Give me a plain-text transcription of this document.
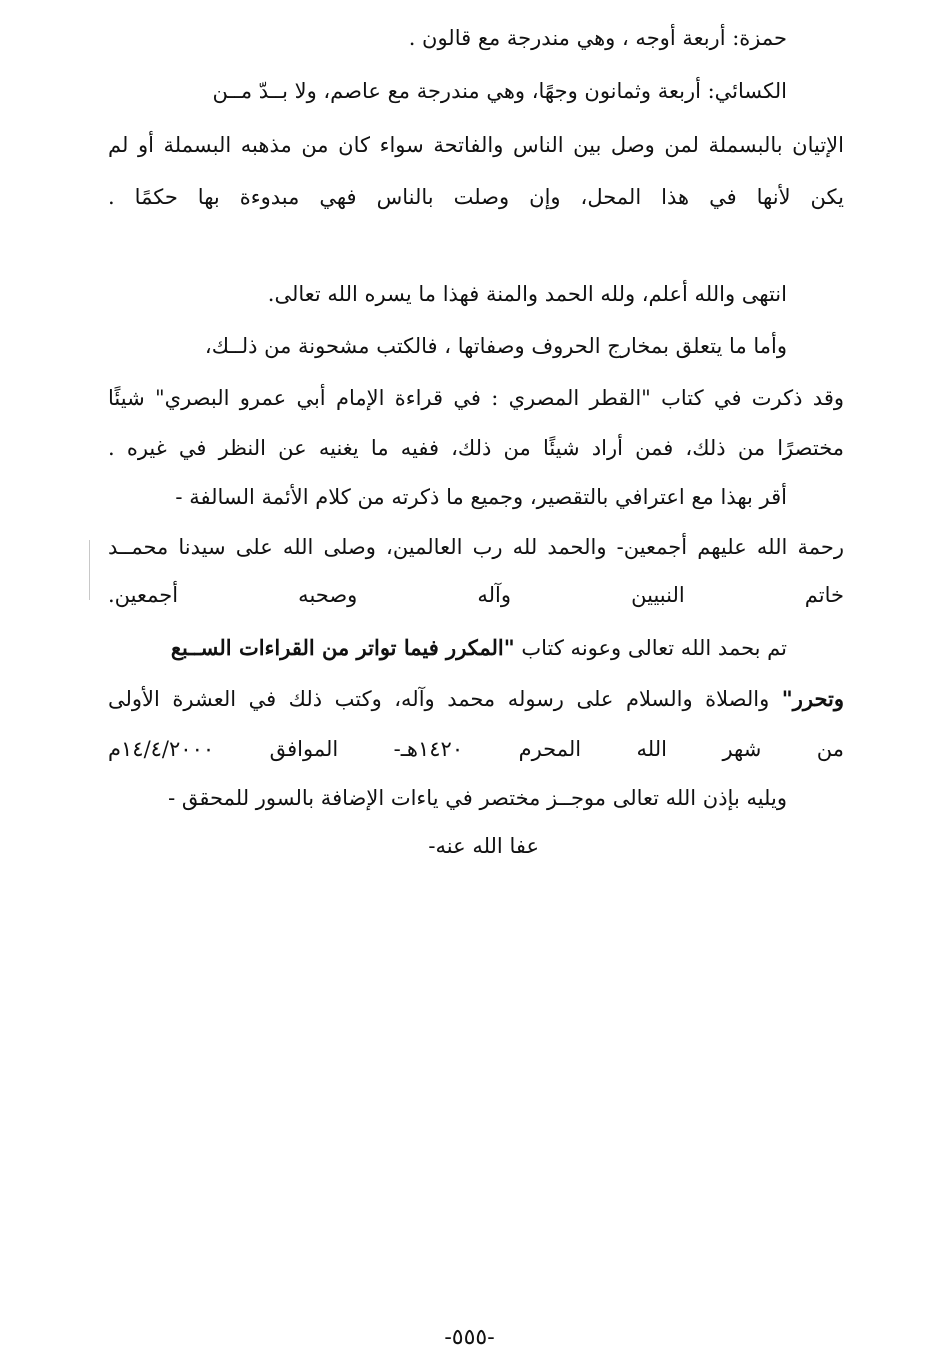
حمزة: أربعة أوجه ، وهي مندرجة مع قالون .

الكسائي: أربعة وثمانون وجهًا، وهي مندرجة مع عاصم، ولا بــدّ مــن

الإتيان بالبسملة لمن وصل بين الناس والفاتحة سواء كان من مذهبه البسملة أو لم

يكن لأنها في هذا المحل، وإن وصلت بالناس فهي مبدوءة بها حكمًا .

انتهى والله أعلم، ولله الحمد والمنة فهذا ما يسره الله تعالى.

وأما ما يتعلق بمخارج الحروف وصفاتها ، فالكتب مشحونة من ذلــك،

وقد ذكرت في كتاب "القطر المصري : في قراءة الإمام أبي عمرو البصري" شيئًا

مختصرًا من ذلك، فمن أراد شيئًا من ذلك، ففيه ما يغنيه عن النظر في غيره .

أقر بهذا مع اعترافي بالتقصير، وجميع ما ذكرته من كلام الأئمة السالفة -

رحمة الله عليهم أجمعين- والحمد لله رب العالمين، وصلى الله على سيدنا محمــد

خاتم النبيين وآله وصحبه أجمعين.

تم بحمد الله تعالى وعونه كتاب "المكرر فيما تواتر من القراءات الســبع

وتحرر" والصلاة والسلام على رسوله محمد وآله، وكتب ذلك في العشرة الأولى

من شهر الله المحرم ١٤٢٠هـ- الموافق ١٤/٤/٢٠٠٠م

ويليه بإذن الله تعالى موجــز مختصر في ياءات الإضافة بالسور للمحقق -

عفا الله عنه-

-٥٥٥-
